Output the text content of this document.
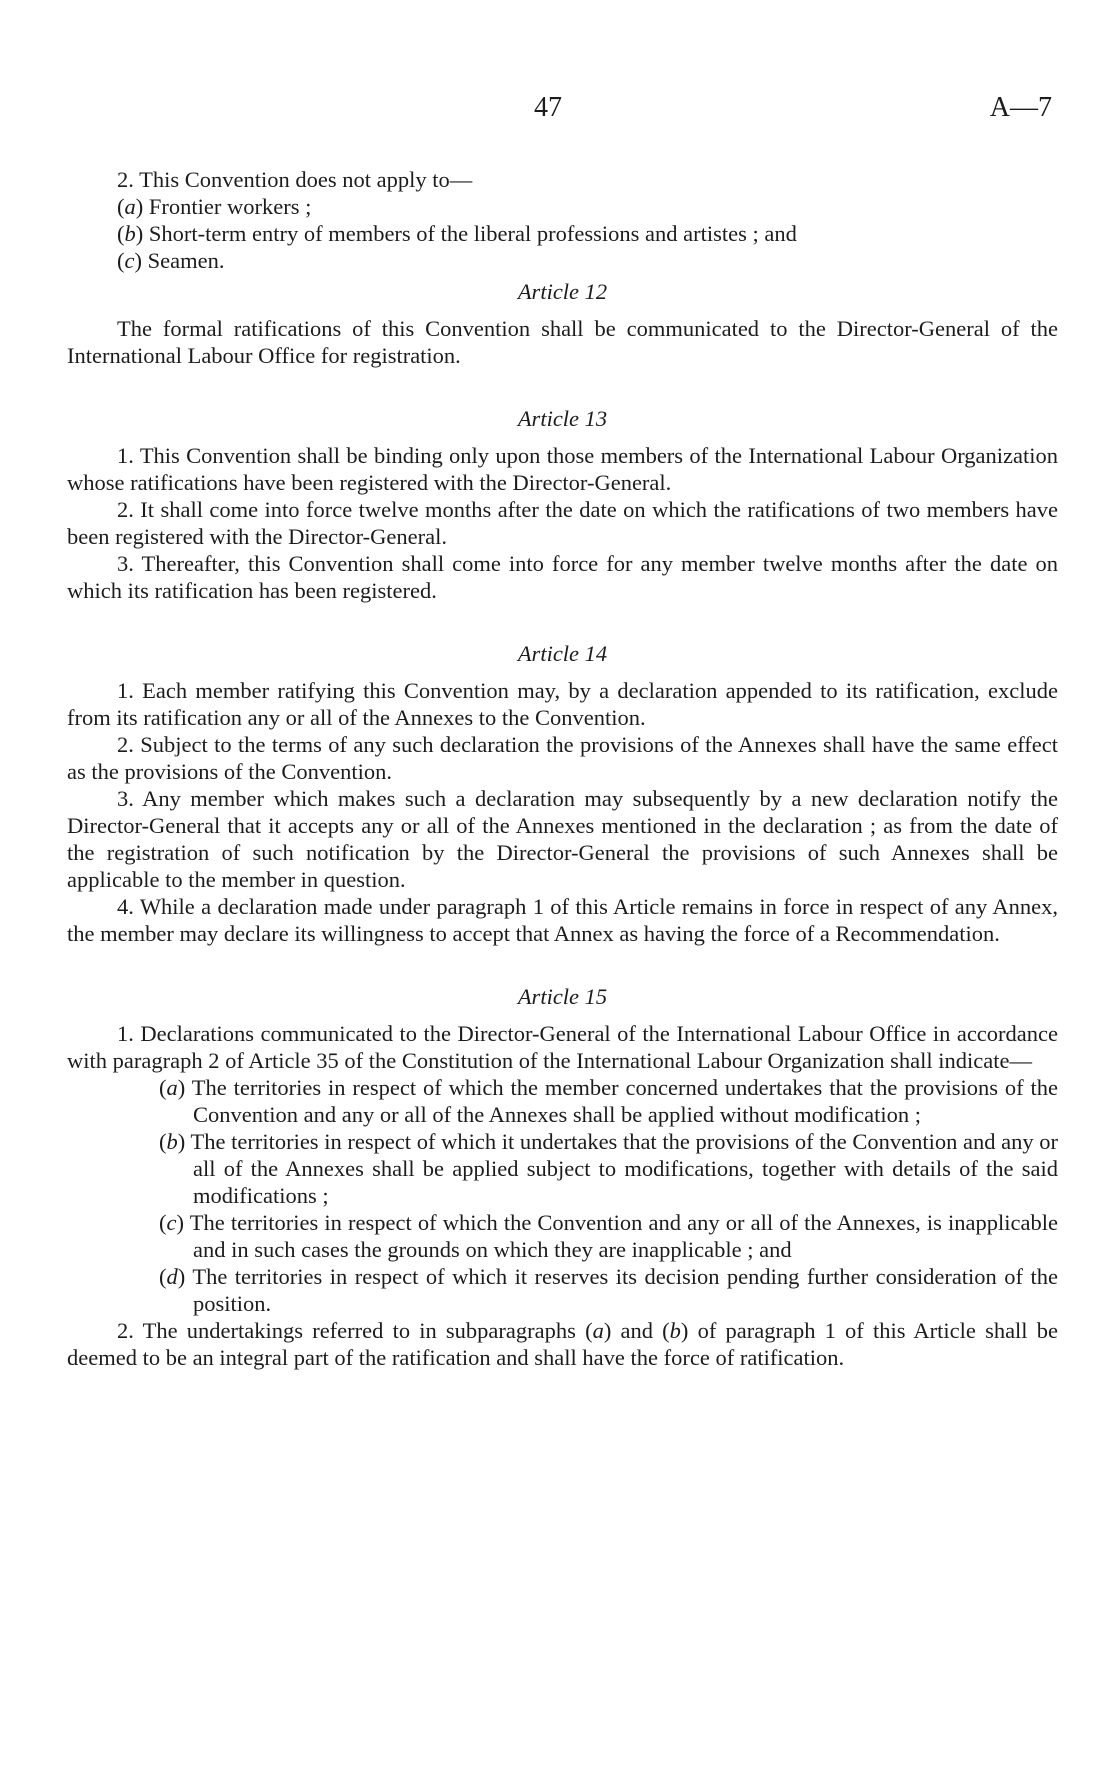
47	A—7

2. This Convention does not apply to—

(a) Frontier workers ;

(b) Short-term entry of members of the liberal professions and artistes ; and

(c) Seamen.

Article 12

The formal ratifications of this Convention shall be communicated to the Director-General of the International Labour Office for registration.

Article 13

1. This Convention shall be binding only upon those members of the International Labour Organization whose ratifications have been registered with the Director-General.

2. It shall come into force twelve months after the date on which the ratifications of two members have been registered with the Director-General.

3. Thereafter, this Convention shall come into force for any member twelve months after the date on which its ratification has been registered.

Article 14

1. Each member ratifying this Convention may, by a declaration appended to its ratification, exclude from its ratification any or all of the Annexes to the Convention.

2. Subject to the terms of any such declaration the provisions of the Annexes shall have the same effect as the provisions of the Convention.

3. Any member which makes such a declaration may subsequently by a new declaration notify the Director-General that it accepts any or all of the Annexes mentioned in the declaration ; as from the date of the registration of such notification by the Director-General the provisions of such Annexes shall be applicable to the member in question.

4. While a declaration made under paragraph 1 of this Article remains in force in respect of any Annex, the member may declare its willingness to accept that Annex as having the force of a Recommendation.

Article 15

1. Declarations communicated to the Director-General of the International Labour Office in accordance with paragraph 2 of Article 35 of the Constitution of the International Labour Organization shall indicate—

(a) The territories in respect of which the member concerned undertakes that the provisions of the Convention and any or all of the Annexes shall be applied without modification ;

(b) The territories in respect of which it undertakes that the provisions of the Convention and any or all of the Annexes shall be applied subject to modifications, together with details of the said modifications ;

(c) The territories in respect of which the Convention and any or all of the Annexes, is inapplicable and in such cases the grounds on which they are inapplicable ; and

(d) The territories in respect of which it reserves its decision pending further consideration of the position.

2. The undertakings referred to in subparagraphs (a) and (b) of paragraph 1 of this Article shall be deemed to be an integral part of the ratification and shall have the force of ratification.
